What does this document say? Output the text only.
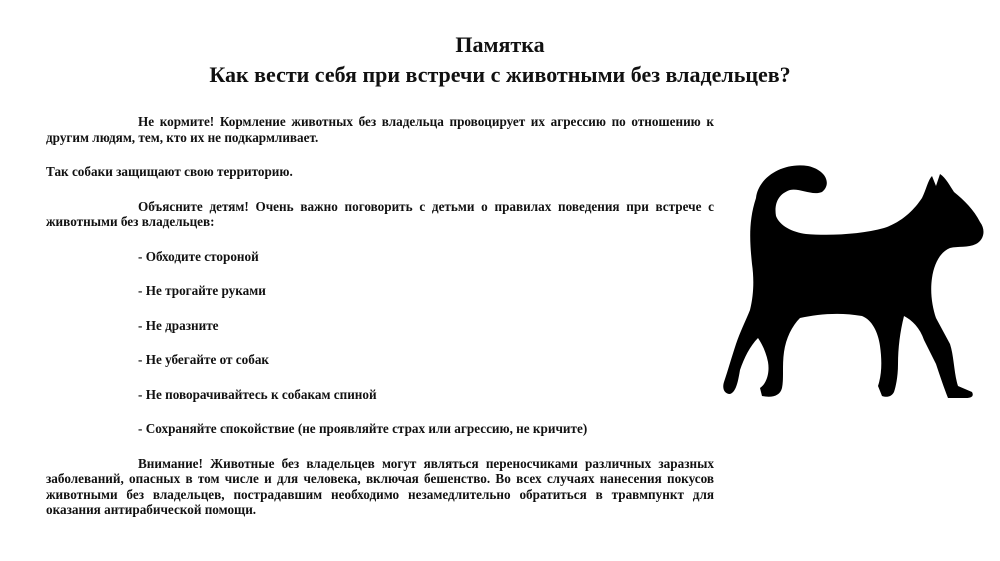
Памятка
Как вести себя при встречи с животными без владельцев?

Не кормите! Кормление животных без владельца провоцирует их агрессию по отношению к другим людям, тем, кто их не подкармливает.

Так собаки защищают свою территорию.

Объясните детям! Очень важно поговорить с детьми о правилах поведения при встрече с животными без владельцев:

- Обходите стороной

- Не трогайте руками

- Не дразните

- Не убегайте от собак

- Не поворачивайтесь к собакам спиной

- Сохраняйте спокойствие (не проявляйте страх или агрессию, не кричите)

Внимание! Животные без владельцев могут являться переносчиками различных заразных заболеваний, опасных в том числе и для человека, включая бешенство. Во всех случаях нанесения покусов животными без владельцев, пострадавшим необходимо незамедлительно обратиться в травмпункт для оказания антирабической помощи.
